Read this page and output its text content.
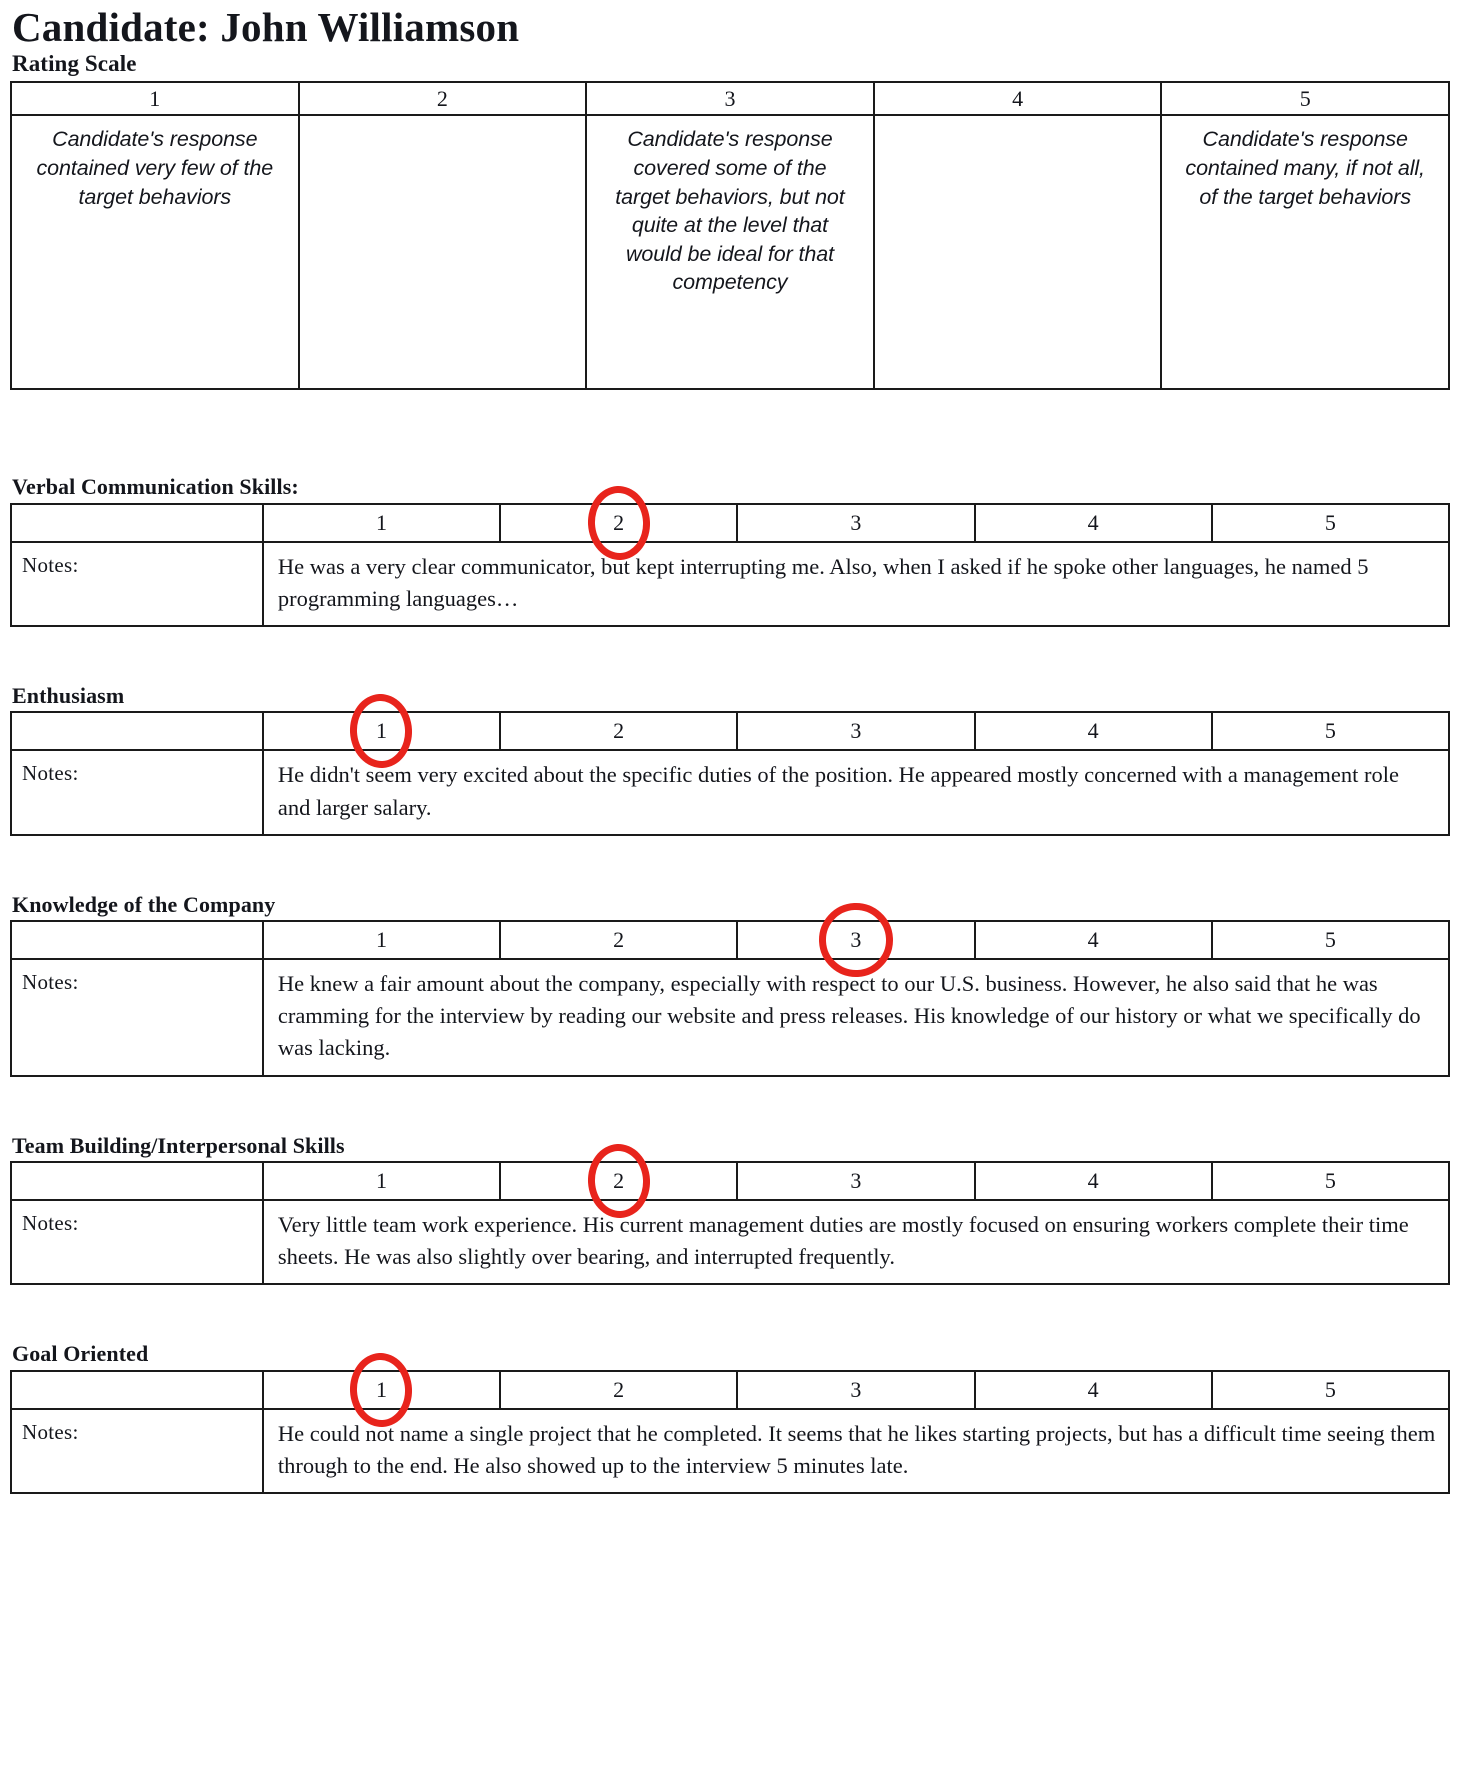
Candidate: John Williamson
Rating Scale
1	2	3	4	5
Candidate's response contained very few of the target behaviors		Candidate's response covered some of the target behaviors, but not quite at the level that would be ideal for that competency		Candidate's response contained many, if not all, of the target behaviors
Verbal Communication Skills:
	1	2	3	4	5
Notes:	He was a very clear communicator, but kept interrupting me. Also, when I asked if he spoke other languages, he named 5 programming languages…				
Enthusiasm
	1	2	3	4	5
Notes:	He didn't seem very excited about the specific duties of the position. He appeared mostly concerned with a management role and larger salary.				
Knowledge of the Company
	1	2	3	4	5
Notes:	He knew a fair amount about the company, especially with respect to our U.S. business. However, he also said that he was cramming for the interview by reading our website and press releases. His knowledge of our history or what we specifically do was lacking.				
Team Building/Interpersonal Skills
	1	2	3	4	5
Notes:	Very little team work experience. His current management duties are mostly focused on ensuring workers complete their time sheets. He was also slightly over bearing, and interrupted frequently.				
Goal Oriented
	1	2	3	4	5
Notes:	He could not name a single project that he completed. It seems that he likes starting projects, but has a difficult time seeing them through to the end. He also showed up to the interview 5 minutes late.				
